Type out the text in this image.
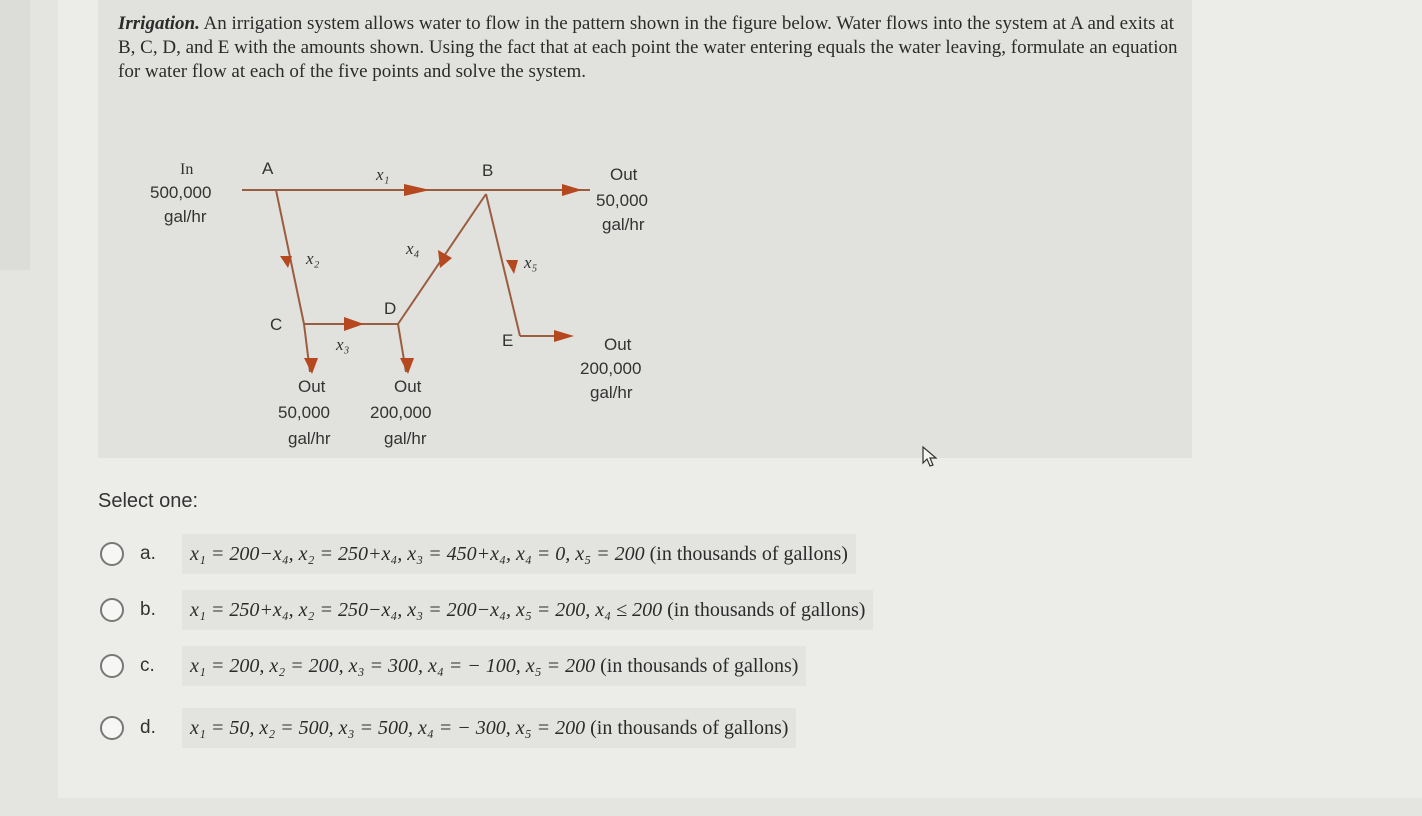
Irrigation. An irrigation system allows water to flow in the pattern shown in the figure below. Water flows into the system at A and exits at B, C, D, and E with the amounts shown. Using the fact that at each point the water entering equals the water leaving, formulate an equation for water flow at each of the five points and solve the system.
In
500,000
gal/hr
A	B
C
D
E
Out
50,000
gal/hr
Out
200,000
gal/hr
Out
50,000
gal/hr
Out
200,000
gal/hr
x₁
x₂
x₄
x₅
x₃
Select one:
a.	x₁ = 200−x₄, x₂ = 250+x₄, x₃ = 450+x₄, x₄ = 0, x₅ = 200
(in thousands of gallons)
b.	x₁ = 250+x₄, x₂ = 250−x₄, x₃ = 200−x₄, x₅ = 200, x₄ ≤ 200
(in thousands of gallons)
c.	x₁ = 200, x₂ = 200, x₃ = 300, x₄ = − 100, x₅ = 200
(in thousands of gallons)
d.	x₁ = 50, x₂ = 500, x₃ = 500, x₄ = − 300, x₅ = 200
(in thousands of gallons)
